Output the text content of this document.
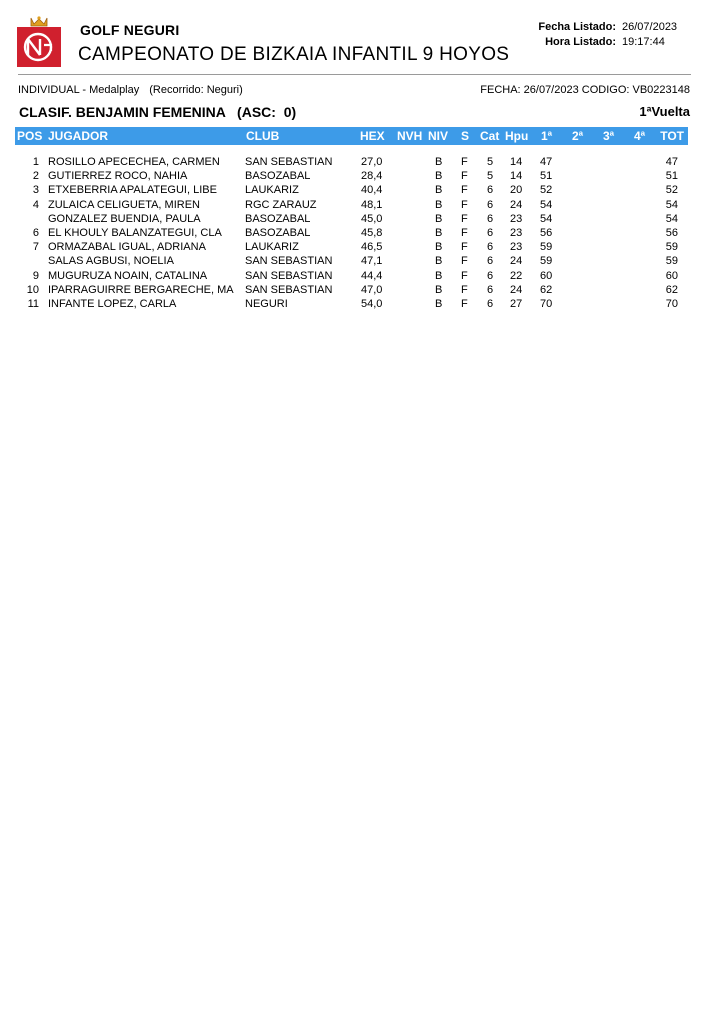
GOLF NEGURI
CAMPEONATO DE BIZKAIA INFANTIL 9 HOYOS
Fecha Listado: 26/07/2023
Hora Listado: 19:17:44
INDIVIDUAL - Medalplay (Recorrido: Neguri)	FECHA: 26/07/2023 CODIGO: VB0223148
CLASIF. BENJAMIN FEMENINA   (ASC:  0)	1ªVuelta
POS JUGADOR	CLUB	HEX NVH NIV S Cat Hpu 1ª 2ª 3ª 4ª TOT
1 ROSILLO APECECHEA, CARMEN	SAN SEBASTIAN	27,0	B F 5 14 47	47
2 GUTIERREZ ROCO, NAHIA	BASOZABAL	28,4	B F 5 14 51	51
3 ETXEBERRIA APALATEGUI, LIBE	LAUKARIZ	40,4	B F 6 20 52	52
4 ZULAICA CELIGUETA, MIREN	RGC ZARAUZ	48,1	B F 6 24 54	54
GONZALEZ BUENDIA, PAULA	BASOZABAL	45,0	B F 6 23 54	54
6 EL KHOULY BALANZATEGUI, CLA	BASOZABAL	45,8	B F 6 23 56	56
7 ORMAZABAL IGUAL, ADRIANA	LAUKARIZ	46,5	B F 6 23 59	59
SALAS AGBUSI, NOELIA	SAN SEBASTIAN	47,1	B F 6 24 59	59
9 MUGURUZA NOAIN, CATALINA	SAN SEBASTIAN	44,4	B F 6 22 60	60
10 IPARRAGUIRRE BERGARECHE, MA	SAN SEBASTIAN	47,0	B F 6 24 62	62
11 INFANTE LOPEZ, CARLA	NEGURI	54,0	B F 6 27 70	70
